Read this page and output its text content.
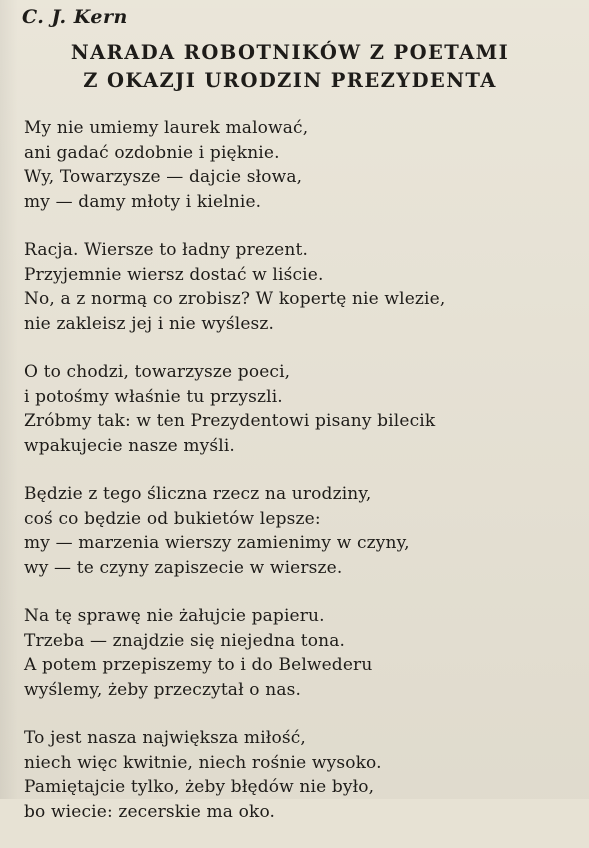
C. J. Kern
NARADA ROBOTNIKÓW Z POETAMI
Z OKAZJI URODZIN PREZYDENTA
My nie umiemy laurek malować,
ani gadać ozdobnie i pięknie.
Wy, Towarzysze — dajcie słowa,
my — damy młoty i kielnie.
Racja. Wiersze to ładny prezent.
Przyjemnie wiersz dostać w liście.
No, a z normą co zrobisz? W kopertę nie wlezie,
nie zakleisz jej i nie wyślesz.
O to chodzi, towarzysze poeci,
i potośmy właśnie tu przyszli.
Zróbmy tak: w ten Prezydentowi pisany bilecik
wpakujecie nasze myśli.
Będzie z tego śliczna rzecz na urodziny,
coś co będzie od bukietów lepsze:
my — marzenia wierszy zamienimy w czyny,
wy — te czyny zapiszecie w wiersze.
Na tę sprawę nie żałujcie papieru.
Trzeba — znajdzie się niejedna tona.
A potem przepiszemy to i do Belwederu
wyślemy, żeby przeczytał o nas.
To jest nasza największa miłość,
niech więc kwitnie, niech rośnie wysoko.
Pamiętajcie tylko, żeby błędów nie było,
bo wiecie: zecerskie ma oko.
